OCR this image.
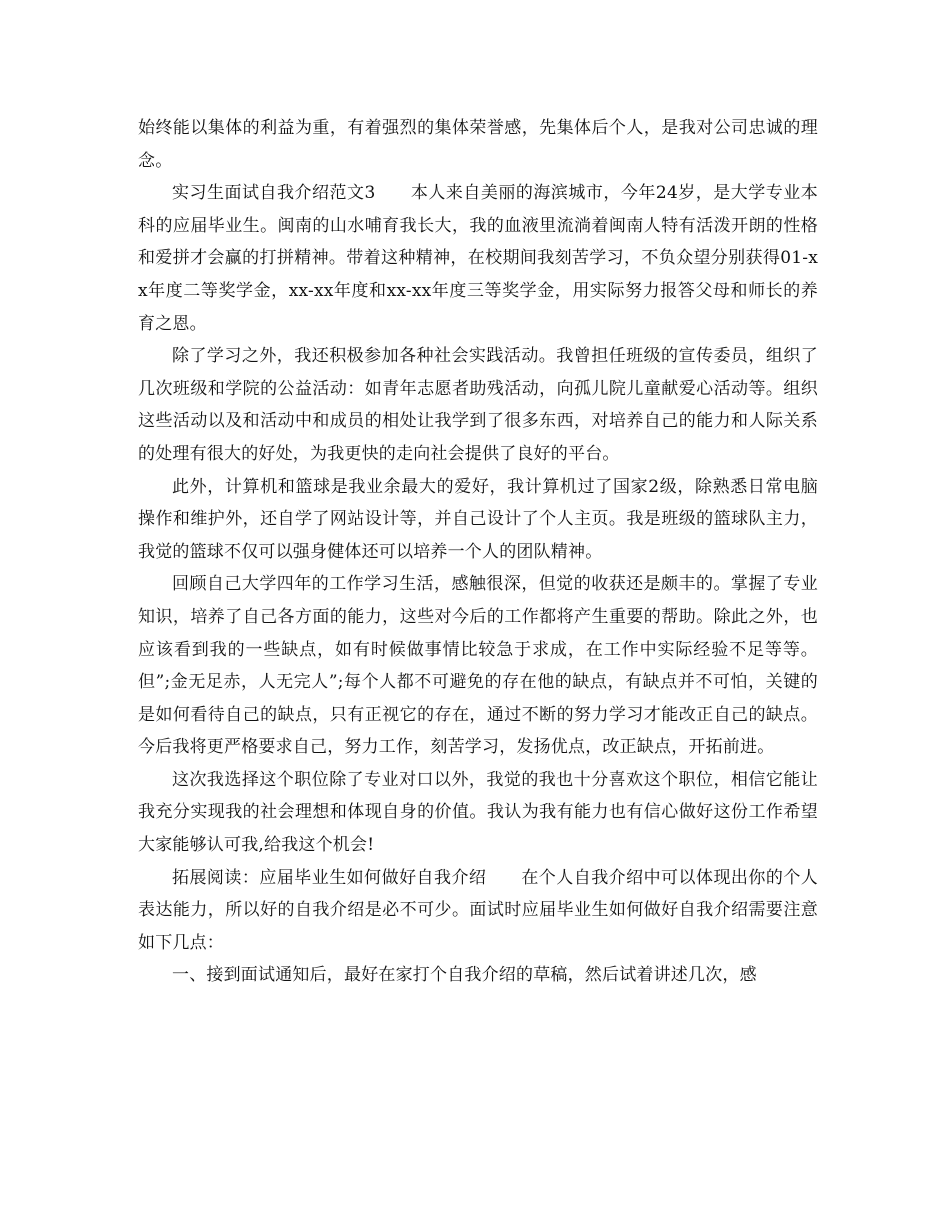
始终能以集体的利益为重，有着强烈的集体荣誉感，先集体后个人，是我对公司忠诚的理念。

实习生面试自我介绍范文3　　本人来自美丽的海滨城市，今年24岁，是大学专业本科的应届毕业生。闽南的山水哺育我长大，我的血液里流淌着闽南人特有活泼开朗的性格和爱拼才会赢的打拼精神。带着这种精神，在校期间我刻苦学习，不负众望分别获得01-xx年度二等奖学金，xx-xx年度和xx-xx年度三等奖学金，用实际努力报答父母和师长的养育之恩。

除了学习之外，我还积极参加各种社会实践活动。我曾担任班级的宣传委员，组织了几次班级和学院的公益活动：如青年志愿者助残活动，向孤儿院儿童献爱心活动等。组织这些活动以及和活动中和成员的相处让我学到了很多东西，对培养自己的能力和人际关系的处理有很大的好处，为我更快的走向社会提供了良好的平台。

此外，计算机和篮球是我业余最大的爱好，我计算机过了国家2级，除熟悉日常电脑操作和维护外，还自学了网站设计等，并自己设计了个人主页。我是班级的篮球队主力，我觉的篮球不仅可以强身健体还可以培养一个人的团队精神。

回顾自己大学四年的工作学习生活，感触很深，但觉的收获还是颇丰的。掌握了专业知识，培养了自己各方面的能力，这些对今后的工作都将产生重要的帮助。除此之外，也应该看到我的一些缺点，如有时候做事情比较急于求成，在工作中实际经验不足等等。但”;金无足赤，人无完人”;每个人都不可避免的存在他的缺点，有缺点并不可怕，关键的是如何看待自己的缺点，只有正视它的存在，通过不断的努力学习才能改正自己的缺点。今后我将更严格要求自己，努力工作，刻苦学习，发扬优点，改正缺点，开拓前进。

这次我选择这个职位除了专业对口以外，我觉的我也十分喜欢这个职位，相信它能让我充分实现我的社会理想和体现自身的价值。我认为我有能力也有信心做好这份工作希望大家能够认可我,给我这个机会!

拓展阅读：应届毕业生如何做好自我介绍　　在个人自我介绍中可以体现出你的个人表达能力，所以好的自我介绍是必不可少。面试时应届毕业生如何做好自我介绍需要注意如下几点：

一、接到面试通知后，最好在家打个自我介绍的草稿，然后试着讲述几次，感
